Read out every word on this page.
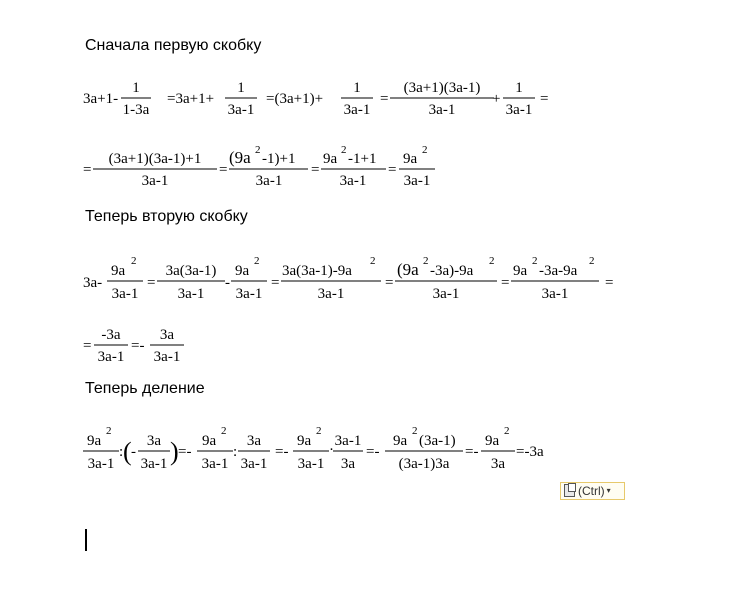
Сначала первую скобку
Теперь вторую скобку
Теперь деление
3a+1-
1
1-3a
=3a+1+
1
3a-1
=(3a+1)+
1
3a-1
=
(3a+1)(3a-1)
3a-1
+
1
3a-1
=
=
(3a+1)(3a-1)+1
3a-1
=
(9a 2
-1)+1
3a-1
=
9a
2
-1+1
3a-1
=
9a
2
3a-1
3a-
9a
2
3a-1
=
3a(3a-1)
3a-1
-
9a
2
3a-1
=
3a(3a-1)-9a
2
3a-1
=
(9a 2
-3a)-9a
2
3a-1
=
9a
2
-3a-9a
2
3a-1
=
=
-3a
3a-1
=-
3a
3a-1
9a
2
3a-1
: ( -
3a
3a-1 ) =-
9a
2
3a-1
:
3a
3a-1
=-
9a
2
3a-1
·
3a-1
3a
=-
9a
2
(3a-1)
(3a-1)3a
=-
9a
2
3a
=-3a
(Ctrl) ▾
